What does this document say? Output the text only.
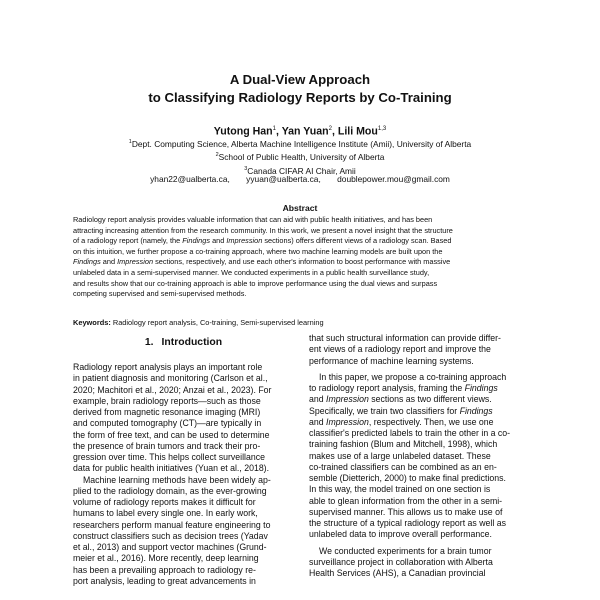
A Dual-View Approach
to Classifying Radiology Reports by Co-Training
Yutong Han$^1$, Yan Yuan$^2$, Lili Mou$^{1,3}$
$^1$Dept. Computing Science, Alberta Machine Intelligence Institute (Amii), University of Alberta
$^2$School of Public Health, University of Alberta
$^3$Canada CIFAR AI Chair, Amii
yhan22@ualberta.ca, yyuan@ualberta.ca, doublepower.mou@gmail.com
Abstract
Radiology report analysis provides valuable information that can aid with public health initiatives, and has been
attracting increasing attention from the research community. In this work, we present a novel insight that the structure
of a radiology report (namely, the Findings and Impression sections) offers different views of a radiology scan. Based
on this intuition, we further propose a co-training approach, where two machine learning models are built upon the
Findings and Impression sections, respectively, and use each other's information to boost performance with massive
unlabeled data in a semi-supervised manner. We conducted experiments in a public health surveillance study,
and results show that our co-training approach is able to improve performance using the dual views and surpass
competing supervised and semi-supervised methods.
Keywords: Radiology report analysis, Co-training, Semi-supervised learning
1. Introduction
Radiology report analysis plays an important role
in patient diagnosis and monitoring (Carlson et al.,
2020; Machitori et al., 2020; Anzai et al., 2023). For
example, brain radiology reports—such as those
derived from magnetic resonance imaging (MRI)
and computed tomography (CT)—are typically in
the form of free text, and can be used to determine
the presence of brain tumors and track their pro-
gression over time. This helps collect surveillance
data for public health initiatives (Yuan et al., 2018).
Machine learning methods have been widely ap-
plied to the radiology domain, as the ever-growing
volume of radiology reports makes it difficult for
humans to label every single one. In early work,
researchers perform manual feature engineering to
construct classifiers such as decision trees (Yadav
et al., 2013) and support vector machines (Grund-
meier et al., 2016). More recently, deep learning
has been a prevailing approach to radiology re-
port analysis, leading to great advancements in
that such structural information can provide differ-
ent views of a radiology report and improve the
performance of machine learning systems.
In this paper, we propose a co-training approach
to radiology report analysis, framing the Findings
and Impression sections as two different views.
Specifically, we train two classifiers for Findings
and Impression, respectively. Then, we use one
classifier's predicted labels to train the other in a co-
training fashion (Blum and Mitchell, 1998), which
makes use of a large unlabeled dataset. These
co-trained classifiers can be combined as an en-
semble (Dietterich, 2000) to make final predictions.
In this way, the model trained on one section is
able to glean information from the other in a semi-
supervised manner. This allows us to make use of
the structure of a typical radiology report as well as
unlabeled data to improve overall performance.
We conducted experiments for a brain tumor
surveillance project in collaboration with Alberta
Health Services (AHS), a Canadian provincial
